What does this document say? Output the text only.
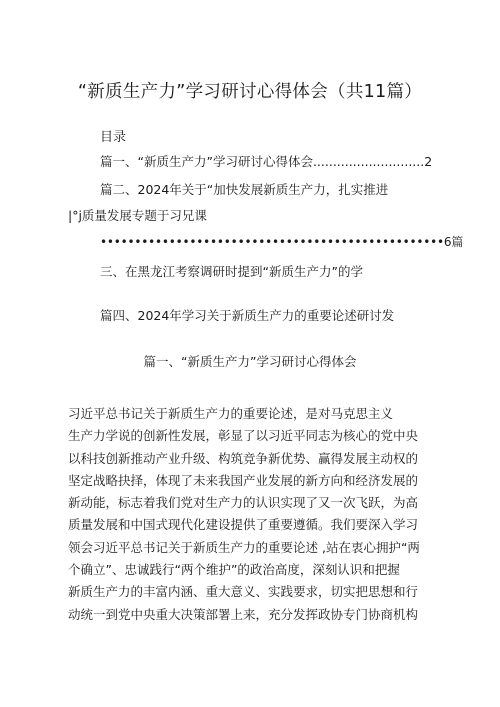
“新质生产力”学习研讨心得体会（共11篇）
目录
篇一、“新质生产力”学习研讨心得体会............................2
篇二、2024年关于“加快发展新质生产力，扎实推进
|°j质量发展专题于习兄课
••••••••••••••••••••••••••••••••••••••••••••••••••6篇
三、在黑龙江考察调研时提到“新质生产力”的学
篇四、2024年学习关于新质生产力的重要论述研讨发
篇一、“新质生产力”学习研讨心得体会
习近平总书记关于新质生产力的重要论述，是对马克思主义
生产力学说的创新性发展，彰显了以习近平同志为核心的党中央
以科技创新推动产业升级、构筑竞争新优势、赢得发展主动权的
坚定战略抉择，体现了未来我国产业发展的新方向和经济发展的
新动能，标志着我们党对生产力的认识实现了又一次飞跃，为高
质量发展和中国式现代化建设提供了重要遵循。我们要深入学习
领会习近平总书记关于新质生产力的重要论述 ,站在衷心拥护“两
个确立”、忠诚践行“两个维护”的政治高度，深刻认识和把握
新质生产力的丰富内涵、重大意义、实践要求，切实把思想和行
动统一到党中央重大决策部署上来，充分发挥政协专门协商机构
